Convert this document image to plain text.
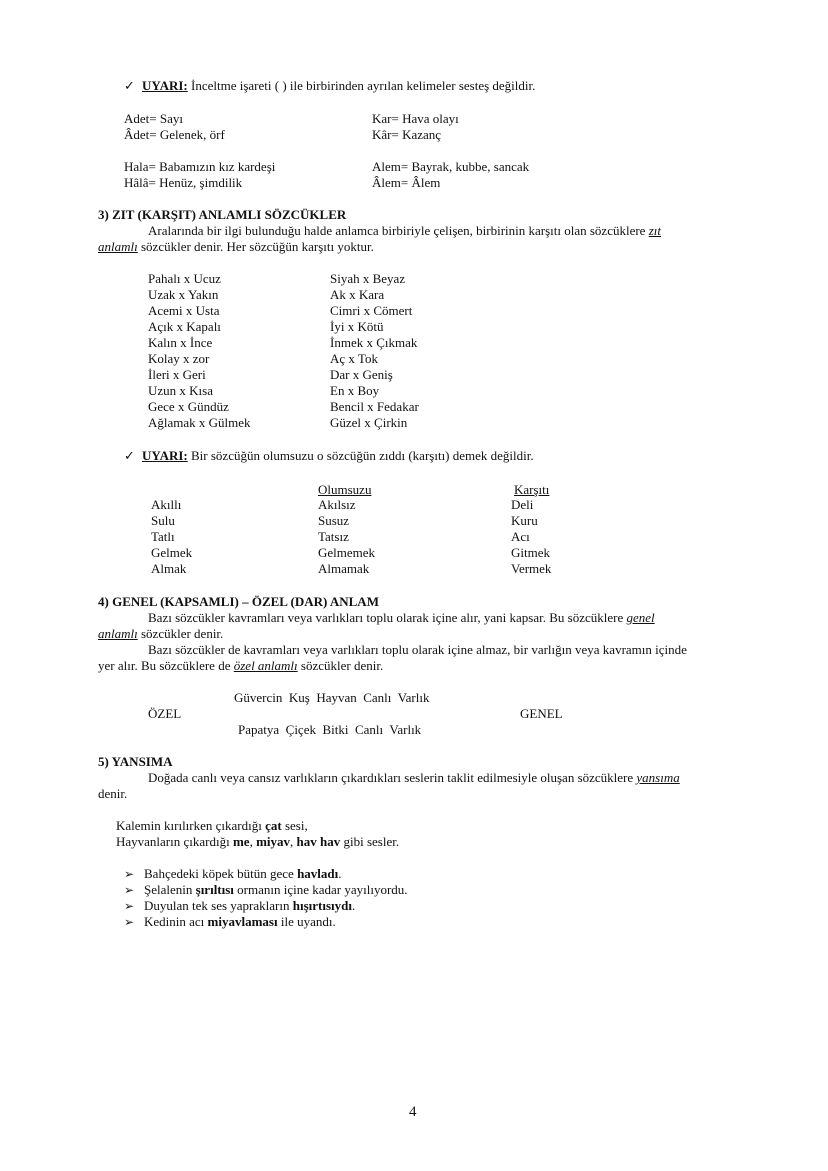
✓ UYARI: İnceltme işareti ( ) ile birbirinden ayrılan kelimeler sesteş değildir.
Adet= Sayı
Âdet= Gelenek, örf
Kar= Hava olayı
Kâr= Kazanç
Hala= Babamızın kız kardeşi
Hâlâ= Henüz, şimdilik
Alem= Bayrak, kubbe, sancak
Âlem= Âlem
3) ZIT (KARŞIT) ANLAMLI SÖZCÜKLER
Aralarında bir ilgi bulunduğu halde anlamca birbiriyle çelişen, birbirinin karşıtı olan sözcüklere zıt
anlamlı sözcükler denir. Her sözcüğün karşıtı yoktur.
Pahalı x Ucuz
Uzak x Yakın
Acemi x Usta
Açık x Kapalı
Kalın x İnce
Kolay x zor
İleri x Geri
Uzun x Kısa
Gece x Gündüz
Ağlamak x Gülmek
Siyah x Beyaz
Ak x Kara
Cimri x Cömert
İyi x Kötü
İnmek x Çıkmak
Aç x Tok
Dar x Geniş
En x Boy
Bencil x Fedakar
Güzel x Çirkin
✓ UYARI: Bir sözcüğün olumsuzu o sözcüğün zıddı (karşıtı) demek değildir.
Olumsuzu	Karşıtı
Akıllı
Sulu
Tatlı
Gelmek
Almak
Akılsız
Susuz
Tatsız
Gelmemek
Almamak
Deli
Kuru
Acı
Gitmek
Vermek
4) GENEL (KAPSAMLI) – ÖZEL (DAR) ANLAM
Bazı sözcükler kavramları veya varlıkları toplu olarak içine alır, yani kapsar. Bu sözcüklere genel
anlamlı sözcükler denir.
Bazı sözcükler de kavramları veya varlıkları toplu olarak içine almaz, bir varlığın veya kavramın içinde
yer alır. Bu sözcüklere de özel anlamlı sözcükler denir.
Güvercin  Kuş  Hayvan  Canlı  Varlık
ÖZEL	GENEL
Papatya  Çiçek  Bitki  Canlı  Varlık
5) YANSIMA
Doğada canlı veya cansız varlıkların çıkardıkları seslerin taklit edilmesiyle oluşan sözcüklere yansıma
denir.
Kalemin kırılırken çıkardığı çat sesi,
Hayvanların çıkardığı me, miyav, hav hav gibi sesler.
➢ Bahçedeki köpek bütün gece havladı.
➢ Şelalenin şırıltısı ormanın içine kadar yayılıyordu.
➢ Duyulan tek ses yaprakların hışırtısıydı.
➢ Kedinin acı miyavlaması ile uyandı.
4
